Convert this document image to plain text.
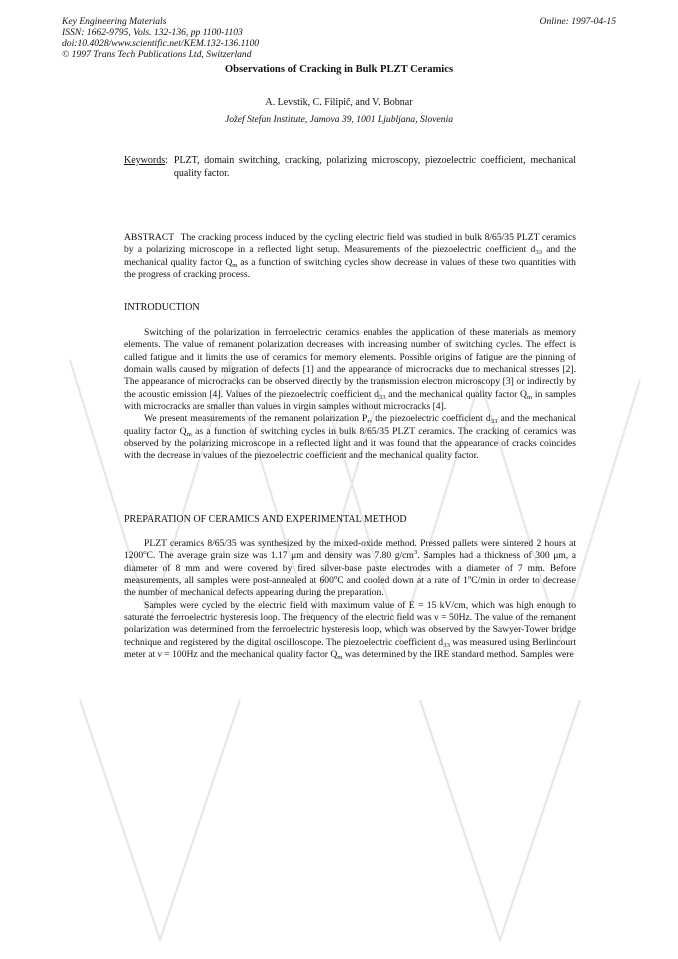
Key Engineering Materials
ISSN: 1662-9795, Vols. 132-136, pp 1100-1103
doi:10.4028/www.scientific.net/KEM.132-136.1100
© 1997 Trans Tech Publications Ltd, Switzerland
Online: 1997-04-15
Observations of Cracking in Bulk PLZT Ceramics
A. Levstik, C. Filipič, and V. Bobnar
Jožef Stefan Institute, Jamova 39, 1001 Ljubljana, Slovenia
Keywords : PLZT, domain switching, cracking, polarizing microscopy, piezoelectric coefficient, mechanical quality factor.
ABSTRACT The cracking process induced by the cycling electric field was studied in bulk 8/65/35 PLZT ceramics by a polarizing microscope in a reflected light setup. Measurements of the piezoelectric coefficient $d_{33}$ and the mechanical quality factor $Q_m$ as a function of switching cycles show decrease in values of these two quantities with the progress of cracking process.
INTRODUCTION

Switching of the polarization in ferroelectric ceramics enables the application of these materials as memory elements. The value of remanent polarization decreases with increasing number of switching cycles. The effect is called fatigue and it limits the use of ceramics for memory elements. Possible origins of fatigue are the pinning of domain walls caused by migration of defects [1] and the appearance of microcracks due to mechanical stresses [2]. The appearance of microcracks can be observed directly by the transmission electron microscopy [3] or indirectly by the acoustic emission [4]. Values of the piezoelectric coefficient $d_{33}$ and the mechanical quality factor $Q_m$ in samples with microcracks are smaller than values in virgin samples without microcracks [4].

We present measurements of the remanent polarization $P_r$, the piezoelectric coefficient $d_{33}$ and the mechanical quality factor $Q_m$ as a function of switching cycles in bulk 8/65/35 PLZT ceramics. The cracking of ceramics was observed by the polarizing microscope in a reflected light and it was found that the appearance of cracks coincides with the decrease in values of the piezoelectric coefficient and the mechanical quality factor.

PREPARATION OF CERAMICS AND EXPERIMENTAL METHOD

PLZT ceramics 8/65/35 was synthesized by the mixed-oxide method. Pressed pallets were sintered 2 hours at 1200$^o$C. The average grain size was 1.17 μm and density was 7.80 $g/cm^3$. Samples had a thickness of 300 μm, a diameter of 8 mm and were covered by fired silver-base paste electrodes with a diameter of 7 mm. Before measurements, all samples were post-annealed at 600$^o$C and cooled down at a rate of 1$^o$C/min in order to decrease the number of mechanical defects appearing during the preparation.

Samples were cycled by the electric field with maximum value of E = 15 kV/cm, which was high enough to saturate the ferroelectric hysteresis loop. The frequency of the electric field was ν = 50Hz. The value of the remanent polarization was determined from the ferroelectric hysteresis loop, which was observed by the Sawyer-Tower bridge technique and registered by the digital oscilloscope. The piezoelectric coefficient $d_{33}$ was measured using Berlincourt meter at ν = 100Hz and the mechanical quality factor $Q_m$ was determined by the IRE standard method. Samples were
